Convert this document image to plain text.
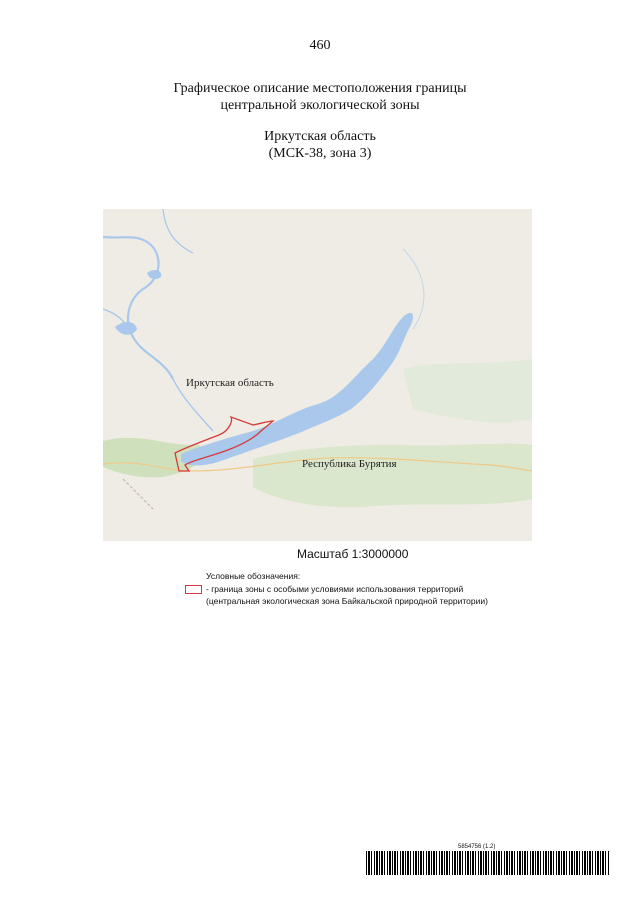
460
Графическое описание местоположения границы
центральной экологической зоны
Иркутская область
(МСК-38, зона 3)
Иркутская область
Республика Бурятия
Масштаб 1:3000000
Условные обозначения:
- граница зоны с особыми условиями использования территорий
(центральная экологическая зона Байкальской природной территории)
5854756 (1.2)
